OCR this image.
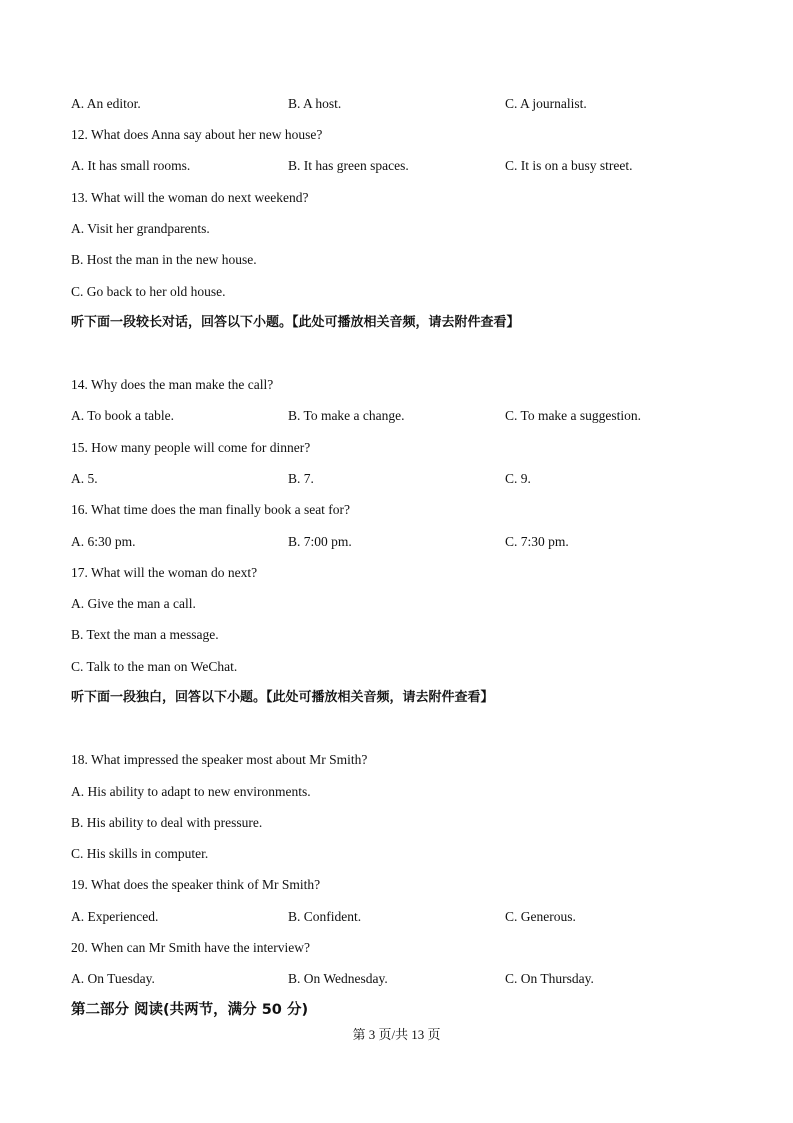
A. An editor.	B. A host.	C. A journalist.
12. What does Anna say about her new house?
A. It has small rooms.	B. It has green spaces.	C. It is on a busy street.
13. What will the woman do next weekend?
A. Visit her grandparents.
B. Host the man in the new house.
C. Go back to her old house.
听下面一段较长对话，回答以下小题。【此处可播放相关音频，请去附件查看】
14. Why does the man make the call?
A. To book a table.	B. To make a change.	C. To make a suggestion.
15. How many people will come for dinner?
A. 5.	B. 7.	C. 9.
16. What time does the man finally book a seat for?
A. 6:30 pm.	B. 7:00 pm.	C. 7:30 pm.
17. What will the woman do next?
A. Give the man a call.
B. Text the man a message.
C. Talk to the man on WeChat.
听下面一段独白，回答以下小题。【此处可播放相关音频，请去附件查看】
18. What impressed the speaker most about Mr Smith?
A. His ability to adapt to new environments.
B. His ability to deal with pressure.
C. His skills in computer.
19. What does the speaker think of Mr Smith?
A. Experienced.	B. Confident.	C. Generous.
20. When can Mr Smith have the interview?
A. On Tuesday.	B. On Wednesday.	C. On Thursday.
第二部分 阅读(共两节，满分 50 分)
第 3 页/共 13 页
